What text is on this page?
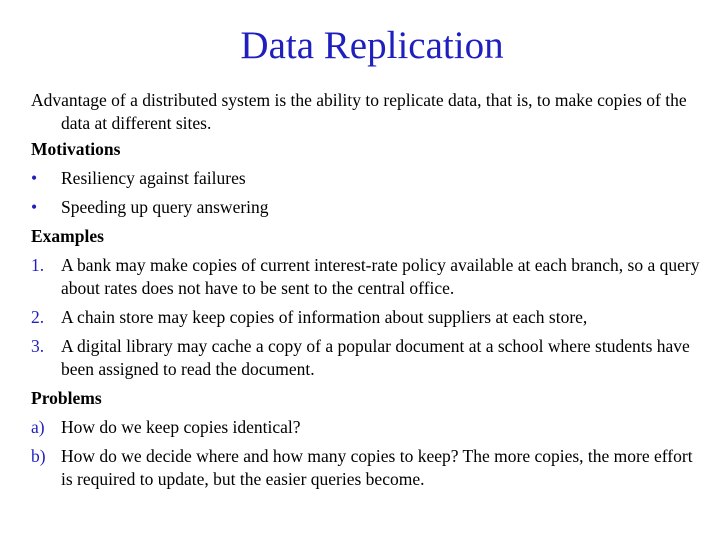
Data Replication
Advantage of a distributed system is the ability to replicate data, that is, to make copies of the data at different sites.
Motivations
•	Resiliency against failures
•	Speeding up query answering
Examples
1. A bank may make copies of current interest-rate policy available at each branch, so a query about rates does not have to be sent to the central office.
2. A chain store may keep copies of information about suppliers at each store,
3. A digital library may cache a copy of a popular document at a school where students have been assigned to read the document.
Problems
a) How do we keep copies identical?
b) How do we decide where and how many copies to keep? The more copies, the more effort is required to update, but the easier queries become.
